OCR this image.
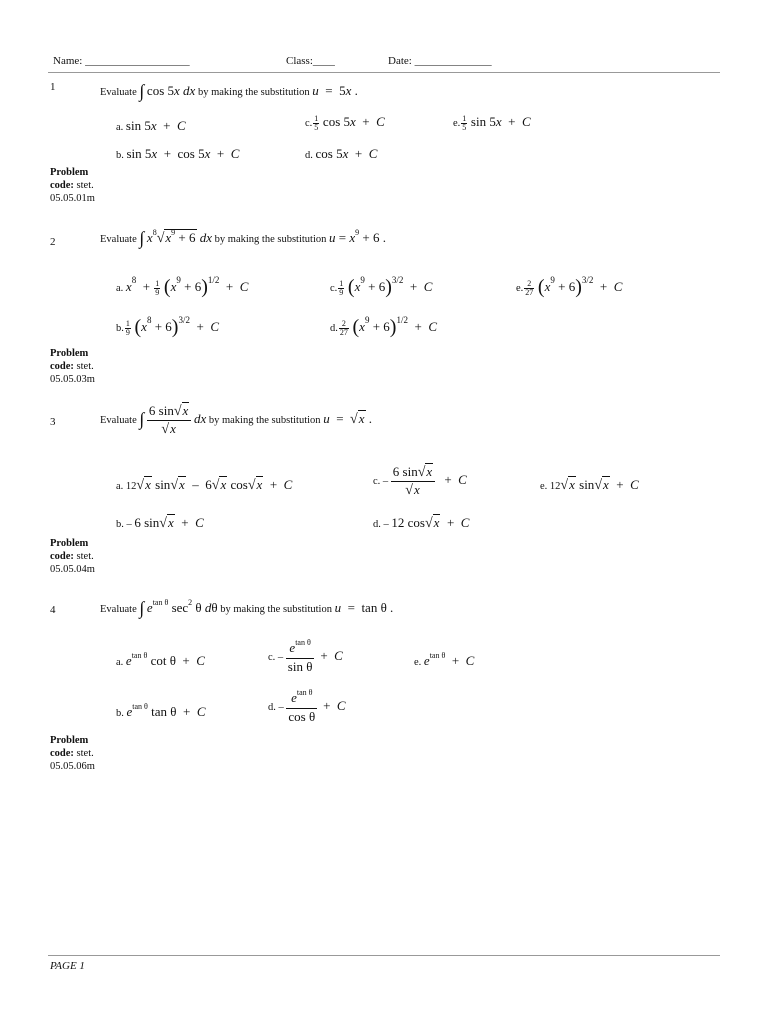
Name: ___________________	Class:____	Date: ______________
1	Evaluate ∫ cos 5x dx by making the substitution u  =  5x .
a. sin 5x  +  C	c. $\frac{1}{5}$ cos 5x  +  C	e. $\frac{1}{5}$ sin 5x  +  C
b. sin 5x  +  cos 5x  +  C	d. cos 5x  +  C
Problem
code: stet.
05.05.01m
2	Evaluate ∫ $x^8√x^9 + 6$ dx by making the substitution $u = x^9 + 6$ .
a. $x^8 + \frac{1}{9} (x^9 + 6)^{1/2} + C$	c. $\frac{1}{9} (x^9 + 6)^{3/2} + C$	e. $\frac{2}{27} (x^9 + 6)^{3/2} + C$
b. $\frac{1}{9} (x^8 + 6)^{3/2} + C$	d. $\frac{2}{27} (x^9 + 6)^{1/2} + C$
Problem
code: stet.
05.05.03m
3	Evaluate ∫ $\frac{6 \sin√x}{√x}$ dx by making the substitution u  =  √x .
a. 12√x sin√x  –  6√x cos√x  +  C	c. – $\frac{6 \sin√x}{√x} + C$	e. 12√x sin√x  +  C
b. – 6 sin√x  +  C	d. – 12 cos√x  +  C
Problem
code: stet.
05.05.04m
4	Evaluate ∫ $e^{tan \theta}$ $\sec^2 \theta$ dθ by making the substitution u  =  tan θ .
a. $e^{tan \theta}$ cot θ  +  C	c. – $\frac{e^{tan \theta}}{\text{sin θ}} + C$	e. $e^{tan \theta} + C$
b. $e^{tan \theta}$ tan θ  +  C	d. – $\frac{e^{tan \theta}}{\text{cos θ}} + C$
Problem
code: stet.
05.05.06m
PAGE 1
